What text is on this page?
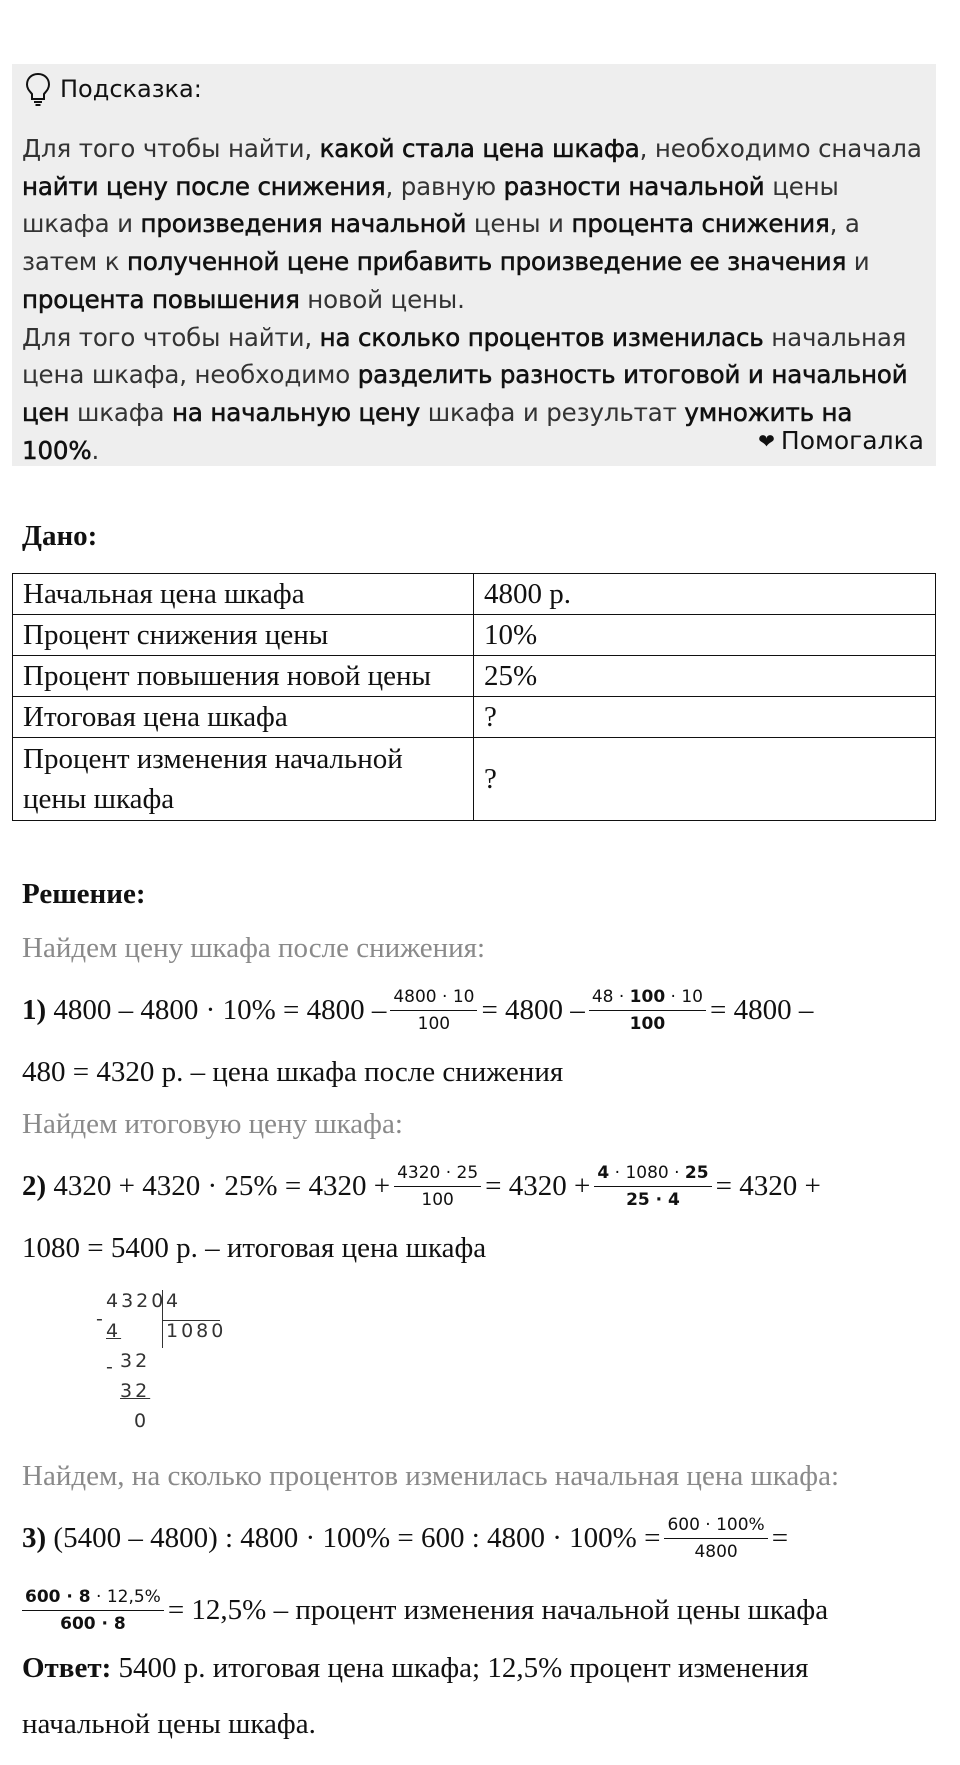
Подсказка:
Для того чтобы найти, какой стала цена шкафа, необходимо сначала найти цену после снижения, равную разности начальной цены шкафа и произведения начальной цены и процента снижения, а затем к полученной цене прибавить произведение ее значения и процента повышения новой цены.
Для того чтобы найти, на сколько процентов изменилась начальная цена шкафа, необходимо разделить разность итоговой и начальной цен шкафа на начальную цену шкафа и результат умножить на 100%.	❤ Помогалка
Дано:
Начальная цена шкафа	4800 р.
Процент снижения цены	10%
Процент повышения новой цены	25%
Итоговая цена шкафа	?
Процент изменения начальной цены шкафа	?
Решение:
Найдем цену шкафа после снижения:
1)
$4800 - 4800 \cdot 10\% = 4800 - \frac{4800 \cdot 10}{100} = 4800 - \frac{48 \cdot 100 \cdot 10}{100} = 4800$ –
480 = 4320 р. – цена шкафа после снижения
Найдем итоговую цену шкафа:
2)
$4320 + 4320 \cdot 25\% = 4320 + \frac{4320 \cdot 25}{100} = 4320 + \frac{4 \cdot 1080 \cdot 25}{25 \cdot 4} = 4320$ +
1080 = 5400 р. – итоговая цена шкафа
4320 4
1080
-
4
- 32
32
0
Найдем, на сколько процентов изменилась начальная цена шкафа:
3)
(5400 – 4800) : 4800 · 100% = 600 : $4800 \cdot 100\% = \frac{600 \cdot 100\%}{4800}$ =
$\frac{600 \cdot 8 \cdot 12,5\%}{600 \cdot 8} = 12,5\%$ – процент изменения начальной цены шкафа
Ответ:
5400 р. итоговая цена шкафа; 12,5% процент изменения
начальной цены шкафа.
